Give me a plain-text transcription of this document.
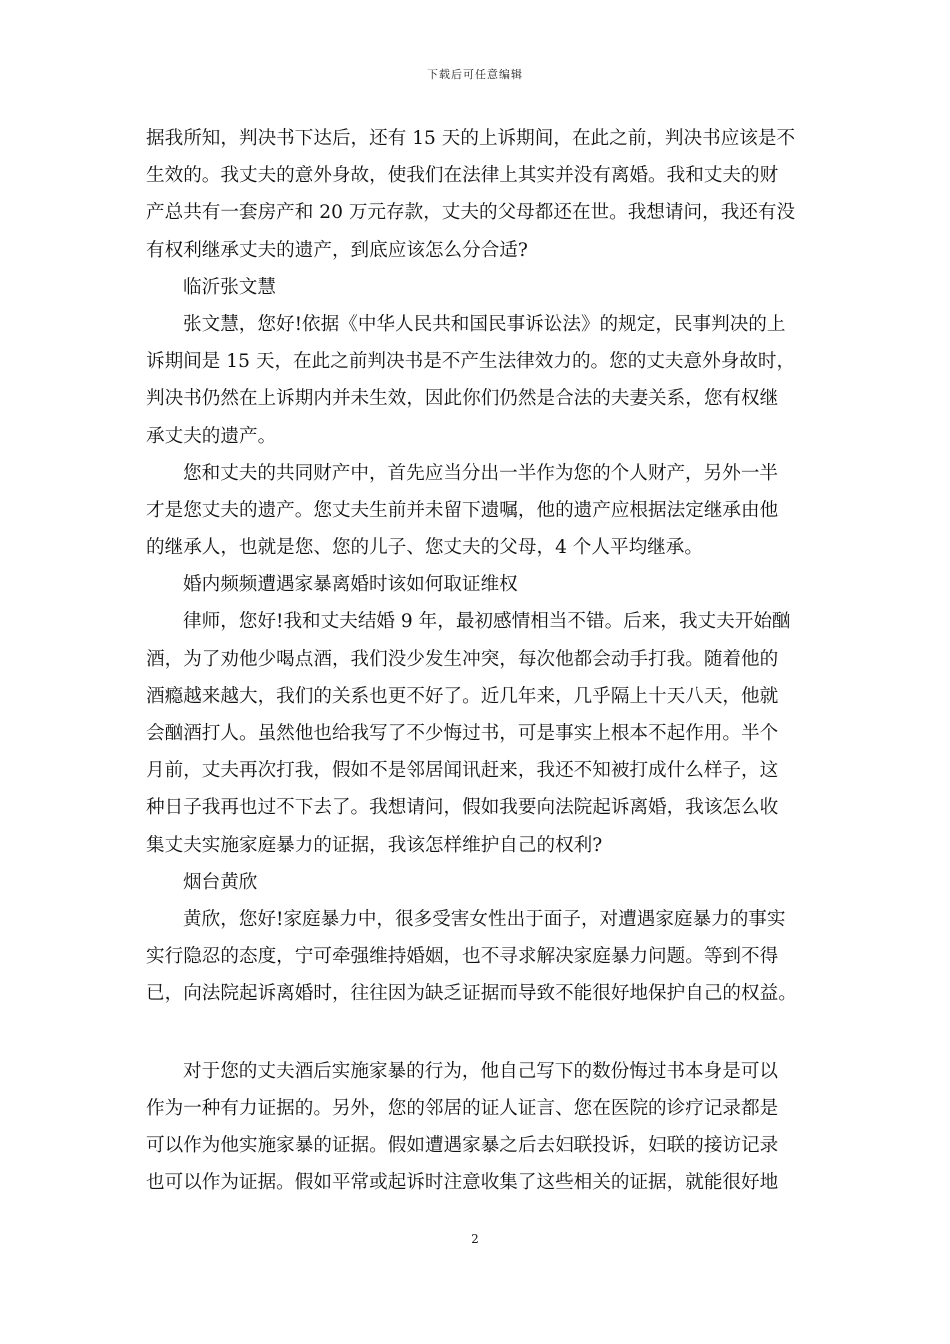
下载后可任意编辑
据我所知，判决书下达后，还有 15 天的上诉期间，在此之前，判决书应该是不
生效的。我丈夫的意外身故，使我们在法律上其实并没有离婚。我和丈夫的财
产总共有一套房产和 20 万元存款，丈夫的父母都还在世。我想请问，我还有没
有权利继承丈夫的遗产，到底应该怎么分合适?
临沂张文慧
张文慧，您好!依据《中华人民共和国民事诉讼法》的规定，民事判决的上
诉期间是 15 天，在此之前判决书是不产生法律效力的。您的丈夫意外身故时，
判决书仍然在上诉期内并未生效，因此你们仍然是合法的夫妻关系，您有权继
承丈夫的遗产。
您和丈夫的共同财产中，首先应当分出一半作为您的个人财产，另外一半
才是您丈夫的遗产。您丈夫生前并未留下遗嘱，他的遗产应根据法定继承由他
的继承人，也就是您、您的儿子、您丈夫的父母，4 个人平均继承。
婚内频频遭遇家暴离婚时该如何取证维权
律师，您好!我和丈夫结婚 9 年，最初感情相当不错。后来，我丈夫开始酗
酒，为了劝他少喝点酒，我们没少发生冲突，每次他都会动手打我。随着他的
酒瘾越来越大，我们的关系也更不好了。近几年来，几乎隔上十天八天，他就
会酗酒打人。虽然他也给我写了不少悔过书，可是事实上根本不起作用。半个
月前，丈夫再次打我，假如不是邻居闻讯赶来，我还不知被打成什么样子，这
种日子我再也过不下去了。我想请问，假如我要向法院起诉离婚，我该怎么收
集丈夫实施家庭暴力的证据，我该怎样维护自己的权利?
烟台黄欣
黄欣，您好!家庭暴力中，很多受害女性出于面子，对遭遇家庭暴力的事实
实行隐忍的态度，宁可牵强维持婚姻，也不寻求解决家庭暴力问题。等到不得
已，向法院起诉离婚时，往往因为缺乏证据而导致不能很好地保护自己的权益。
对于您的丈夫酒后实施家暴的行为，他自己写下的数份悔过书本身是可以
作为一种有力证据的。另外，您的邻居的证人证言、您在医院的诊疗记录都是
可以作为他实施家暴的证据。假如遭遇家暴之后去妇联投诉，妇联的接访记录
也可以作为证据。假如平常或起诉时注意收集了这些相关的证据，就能很好地
2
